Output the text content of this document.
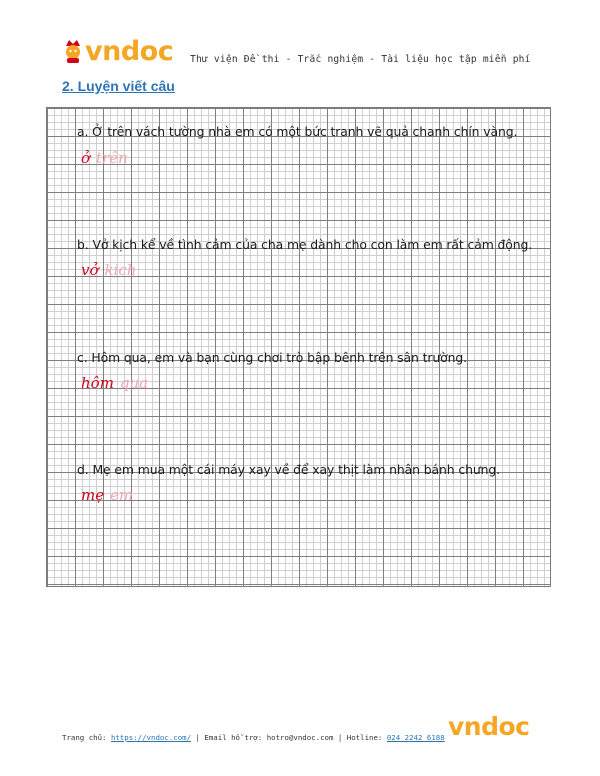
vndoc Thư viện Đề thi - Trắc nghiệm - Tài liệu học tập miễn phí
2. Luyện viết câu
a. Ở trên vách tường nhà em có một bức tranh vẽ quả chanh chín vàng.
ở trên
b. Vở kịch kể về tình cảm của cha mẹ dành cho con làm em rất cảm động.
vở kịch
c. Hôm qua, em và bạn cùng chơi trò bập bênh trên sân trường.
hôm qua
d. Mẹ em mua một cái máy xay về để xay thịt làm nhân bánh chưng.
mẹ em
Trang chủ: https://vndoc.com/ | Email hỗ trợ: hotro@vndoc.com | Hotline: 024 2242 6188 vndoc
